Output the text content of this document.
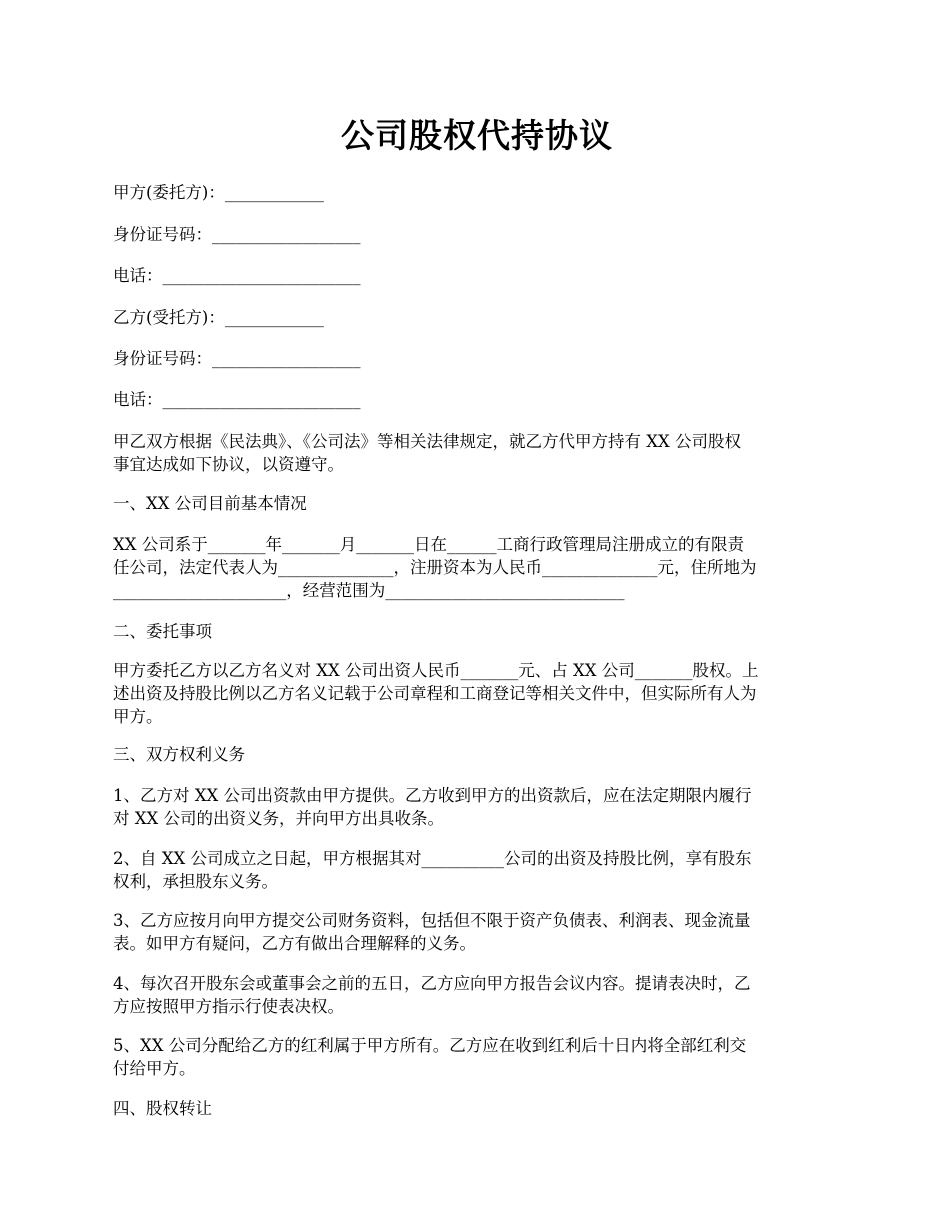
公司股权代持协议

甲方(委托方)：____________

身份证号码：__________________

电话：________________________

乙方(受托方)：____________

身份证号码：__________________

电话：________________________

甲乙双方根据《民法典》、《公司法》等相关法律规定，就乙方代甲方持有 XX 公司股权
事宜达成如下协议，以资遵守。

一、XX 公司目前基本情况

XX 公司系于_______年_______月_______日在______工商行政管理局注册成立的有限责
任公司，法定代表人为______________，注册资本为人民币______________元，住所地为
_____________________，经营范围为_____________________________

二、委托事项

甲方委托乙方以乙方名义对 XX 公司出资人民币_______元、占 XX 公司_______股权。上
述出资及持股比例以乙方名义记载于公司章程和工商登记等相关文件中，但实际所有人为
甲方。

三、双方权利义务

1、乙方对 XX 公司出资款由甲方提供。乙方收到甲方的出资款后，应在法定期限内履行
对 XX 公司的出资义务，并向甲方出具收条。
2、自 XX 公司成立之日起，甲方根据其对__________公司的出资及持股比例，享有股东
权利，承担股东义务。
3、乙方应按月向甲方提交公司财务资料，包括但不限于资产负债表、利润表、现金流量
表。如甲方有疑问，乙方有做出合理解释的义务。
4、每次召开股东会或董事会之前的五日，乙方应向甲方报告会议内容。提请表决时，乙
方应按照甲方指示行使表决权。
5、XX 公司分配给乙方的红利属于甲方所有。乙方应在收到红利后十日内将全部红利交
付给甲方。

四、股权转让
